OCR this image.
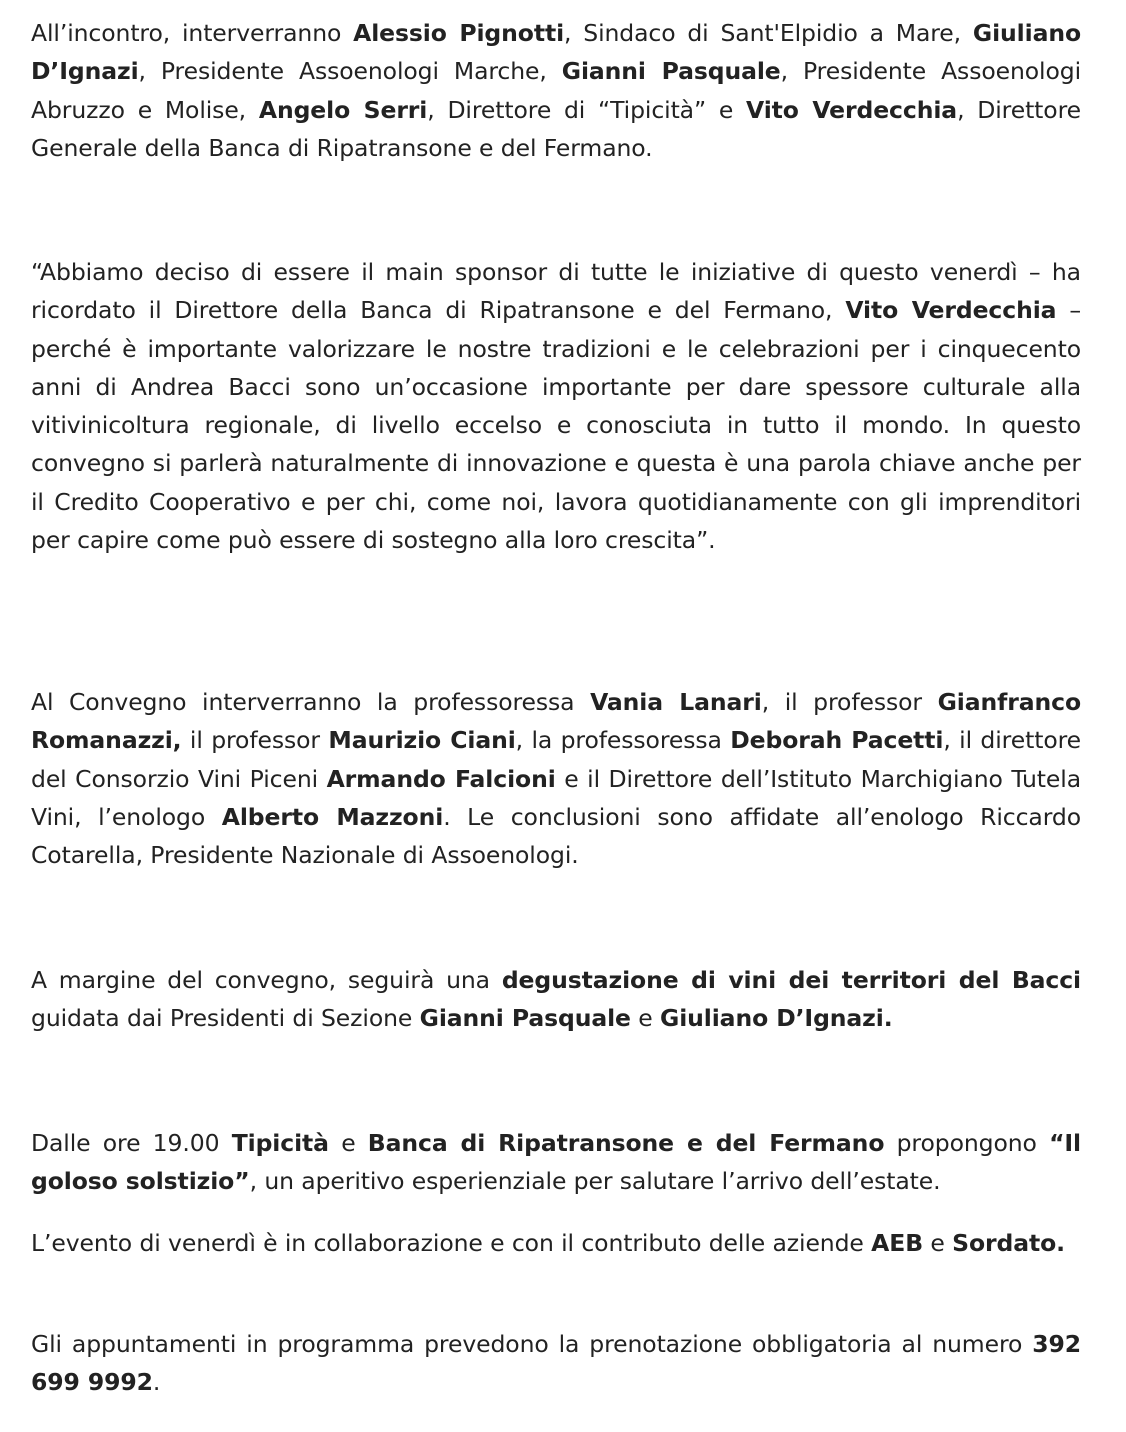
All’incontro, interverranno Alessio Pignotti, Sindaco di Sant'Elpidio a Mare, Giuliano D’Ignazi, Presidente Assoenologi Marche, Gianni Pasquale, Presidente Assoenologi Abruzzo e Molise, Angelo Serri, Direttore di “Tipicità” e Vito Verdecchia, Direttore Generale della Banca di Ripatransone e del Fermano.

“Abbiamo deciso di essere il main sponsor di tutte le iniziative di questo venerdì – ha ricordato il Direttore della Banca di Ripatransone e del Fermano, Vito Verdecchia – perché è importante valorizzare le nostre tradizioni e le celebrazioni per i cinquecento anni di Andrea Bacci sono un’occasione importante per dare spessore culturale alla vitivinicoltura regionale, di livello eccelso e conosciuta in tutto il mondo. In questo convegno si parlerà naturalmente di innovazione e questa è una parola chiave anche per il Credito Cooperativo e per chi, come noi, lavora quotidianamente con gli imprenditori per capire come può essere di sostegno alla loro crescita”.

Al Convegno interverranno la professoressa Vania Lanari, il professor Gianfranco Romanazzi, il professor Maurizio Ciani, la professoressa Deborah Pacetti, il direttore del Consorzio Vini Piceni Armando Falcioni e il Direttore dell’Istituto Marchigiano Tutela Vini, l’enologo Alberto Mazzoni. Le conclusioni sono affidate all’enologo Riccardo Cotarella, Presidente Nazionale di Assoenologi.

A margine del convegno, seguirà una degustazione di vini dei territori del Bacci guidata dai Presidenti di Sezione Gianni Pasquale e Giuliano D’Ignazi.

Dalle ore 19.00 Tipicità e Banca di Ripatransone e del Fermano propongono “Il goloso solstizio”, un aperitivo esperienziale per salutare l’arrivo dell’estate.

L’evento di venerdì è in collaborazione e con il contributo delle aziende AEB e Sordato.

Gli appuntamenti in programma prevedono la prenotazione obbligatoria al numero 392 699 9992.
